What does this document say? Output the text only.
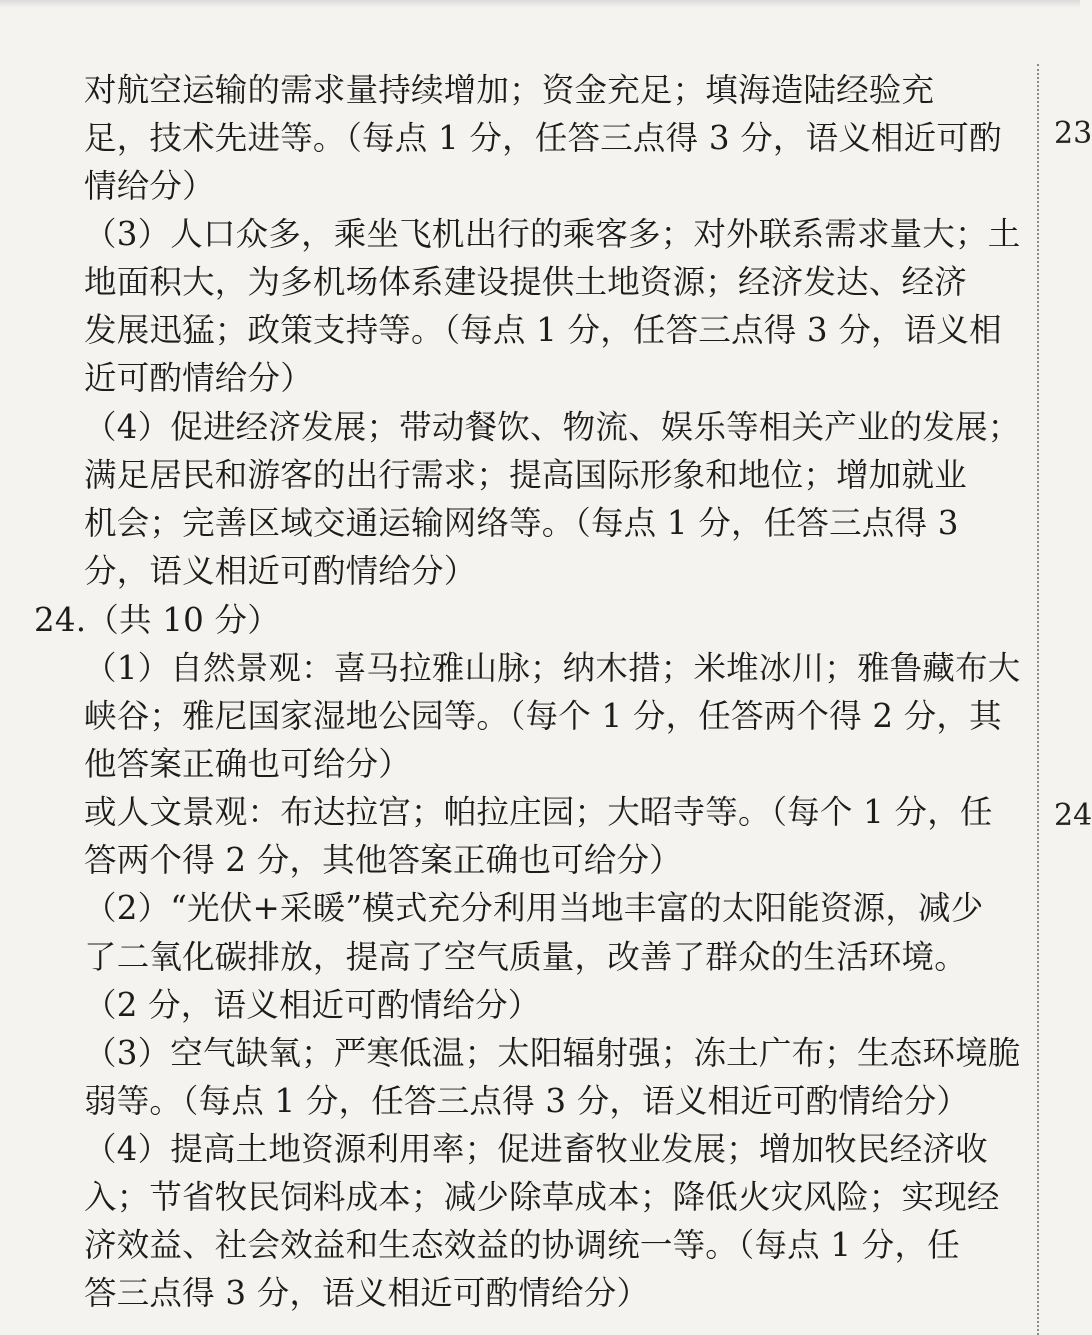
对航空运输的需求量持续增加；资金充足；填海造陆经验充
足，技术先进等。（每点 1 分，任答三点得 3 分，语义相近可酌
情给分）
（3）人口众多，乘坐飞机出行的乘客多；对外联系需求量大；土
地面积大，为多机场体系建设提供土地资源；经济发达、经济
发展迅猛；政策支持等。（每点 1 分，任答三点得 3 分，语义相
近可酌情给分）
（4）促进经济发展；带动餐饮、物流、娱乐等相关产业的发展；
满足居民和游客的出行需求；提高国际形象和地位；增加就业
机会；完善区域交通运输网络等。（每点 1 分，任答三点得 3
分，语义相近可酌情给分）
24.（共 10 分）
（1）自然景观：喜马拉雅山脉；纳木措；米堆冰川；雅鲁藏布大
峡谷；雅尼国家湿地公园等。（每个 1 分，任答两个得 2 分，其
他答案正确也可给分）
或人文景观：布达拉宫；帕拉庄园；大昭寺等。（每个 1 分，任
答两个得 2 分，其他答案正确也可给分）
（2）“光伏+采暖”模式充分利用当地丰富的太阳能资源，减少
了二氧化碳排放，提高了空气质量，改善了群众的生活环境。
（2 分，语义相近可酌情给分）
（3）空气缺氧；严寒低温；太阳辐射强；冻土广布；生态环境脆
弱等。（每点 1 分，任答三点得 3 分，语义相近可酌情给分）
（4）提高土地资源利用率；促进畜牧业发展；增加牧民经济收
入；节省牧民饲料成本；减少除草成本；降低火灾风险；实现经
济效益、社会效益和生态效益的协调统一等。（每点 1 分，任
答三点得 3 分，语义相近可酌情给分）
23
24
